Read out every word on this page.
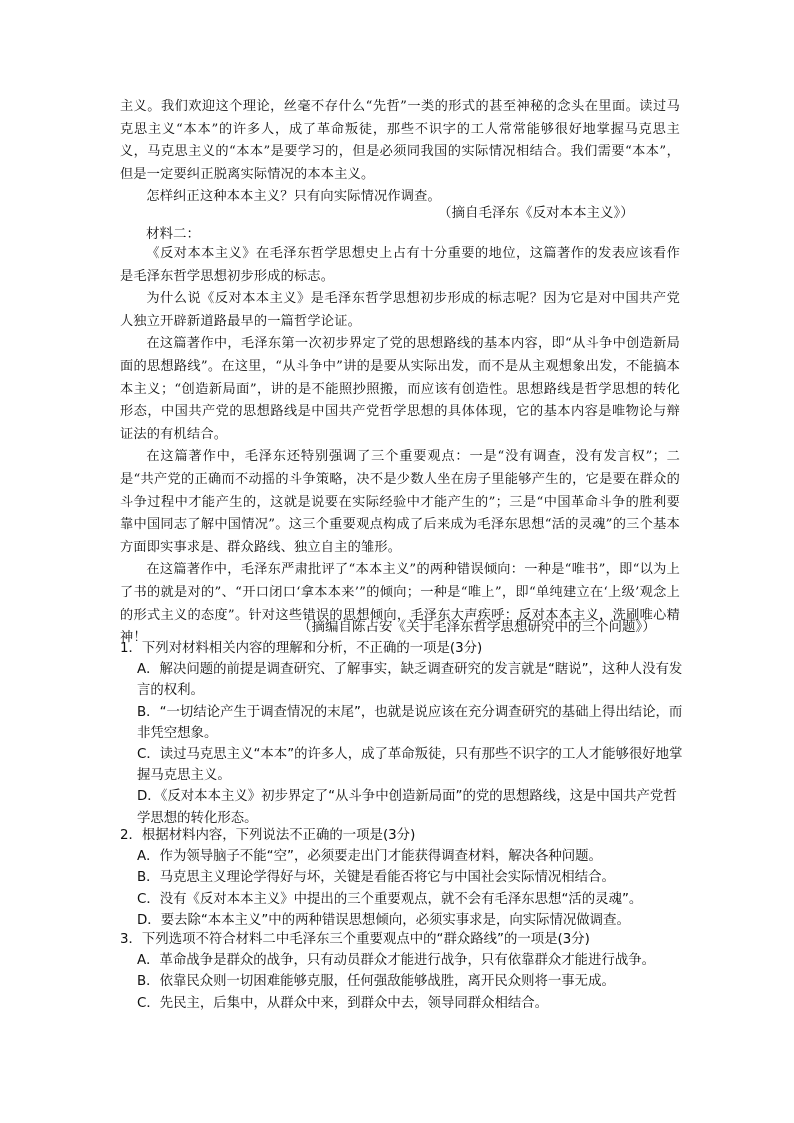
主义。我们欢迎这个理论，丝毫不存什么“先哲”一类的形式的甚至神秘的念头在里面。读过马克思主义“本本”的许多人，成了革命叛徒，那些不识字的工人常常能够很好地掌握马克思主义，马克思主义的“本本”是要学习的，但是必须同我国的实际情况相结合。我们需要“本本”，但是一定要纠正脱离实际情况的本本主义。

怎样纠正这种本本主义？只有向实际情况作调查。

（摘自毛泽东《反对本本主义》）
材料二：

《反对本本主义》在毛泽东哲学思想史上占有十分重要的地位，这篇著作的发表应该看作是毛泽东哲学思想初步形成的标志。

为什么说《反对本本主义》是毛泽东哲学思想初步形成的标志呢？因为它是对中国共产党人独立开辟新道路最早的一篇哲学论证。

在这篇著作中，毛泽东第一次初步界定了党的思想路线的基本内容，即“从斗争中创造新局面的思想路线”。在这里，“从斗争中”讲的是要从实际出发，而不是从主观想象出发，不能搞本本主义；“创造新局面”，讲的是不能照抄照搬，而应该有创造性。思想路线是哲学思想的转化形态，中国共产党的思想路线是中国共产党哲学思想的具体体现，它的基本内容是唯物论与辩证法的有机结合。

在这篇著作中，毛泽东还特别强调了三个重要观点：一是“没有调查，没有发言权”；二是“共产党的正确而不动摇的斗争策略，决不是少数人坐在房子里能够产生的，它是要在群众的斗争过程中才能产生的，这就是说要在实际经验中才能产生的”；三是“中国革命斗争的胜利要靠中国同志了解中国情况”。这三个重要观点构成了后来成为毛泽东思想“活的灵魂”的三个基本方面即实事求是、群众路线、独立自主的雏形。

在这篇著作中，毛泽东严肃批评了“本本主义”的两种错误倾向：一种是“唯书”，即“以为上了书的就是对的”、“开口闭口‘拿本本来’”的倾向；一种是“唯上”，即“单纯建立在‘上级’观念上的形式主义的态度”。针对这些错误的思想倾向，毛泽东大声疾呼：反对本本主义，洗刷唯心精神！

（摘编自陈占安《关于毛泽东哲学思想研究中的三个问题》）

1．下列对材料相关内容的理解和分析，不正确的一项是(3分)

A．解决问题的前提是调查研究、了解事实，缺乏调查研究的发言就是“瞎说”，这种人没有发言的权利。

B．“一切结论产生于调查情况的末尾”，也就是说应该在充分调查研究的基础上得出结论，而非凭空想象。

C．读过马克思主义“本本”的许多人，成了革命叛徒，只有那些不识字的工人才能够很好地掌握马克思主义。

D．《反对本本主义》初步界定了“从斗争中创造新局面”的党的思想路线，这是中国共产党哲学思想的转化形态。

2．根据材料内容，下列说法不正确的一项是(3分)

A．作为领导脑子不能“空”，必须要走出门才能获得调查材料，解决各种问题。

B．马克思主义理论学得好与坏，关键是看能否将它与中国社会实际情况相结合。

C．没有《反对本本主义》中提出的三个重要观点，就不会有毛泽东思想“活的灵魂”。

D．要去除“本本主义”中的两种错误思想倾向，必须实事求是，向实际情况做调查。

3．下列选项不符合材料二中毛泽东三个重要观点中的“群众路线”的一项是(3分)

A．革命战争是群众的战争，只有动员群众才能进行战争，只有依靠群众才能进行战争。

B．依靠民众则一切困难能够克服，任何强敌能够战胜，离开民众则将一事无成。

C．先民主，后集中，从群众中来，到群众中去，领导同群众相结合。
